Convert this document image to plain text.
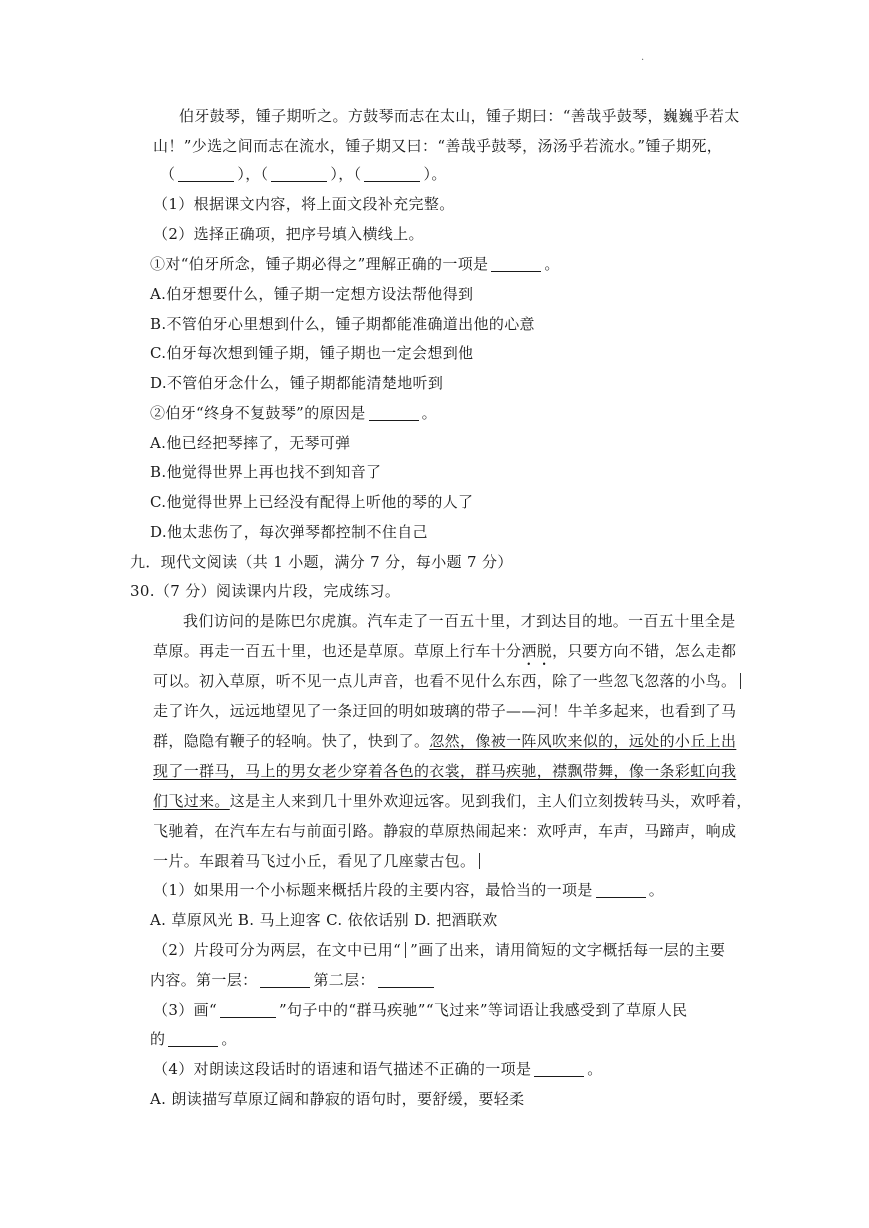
.
伯牙鼓琴，锺子期听之。方鼓琴而志在太山，锺子期曰：“善哉乎鼓琴，巍巍乎若太
山！”少选之间而志在流水，锺子期又曰：“善哉乎鼓琴，汤汤乎若流水。”锺子期死，
（	），（	），（	）。
（1）根据课文内容，将上面文段补充完整。
（2）选择正确项，把序号填入横线上。
①对“伯牙所念，锺子期必得之”理解正确的一项是	。
A.伯牙想要什么，锺子期一定想方设法帮他得到
B.不管伯牙心里想到什么，锺子期都能准确道出他的心意
C.伯牙每次想到锺子期，锺子期也一定会想到他
D.不管伯牙念什么，锺子期都能清楚地听到
②伯牙“终身不复鼓琴”的原因是	。
A.他已经把琴摔了，无琴可弹
B.他觉得世界上再也找不到知音了
C.他觉得世界上已经没有配得上听他的琴的人了
D.他太悲伤了，每次弹琴都控制不住自己
九．现代文阅读（共 1 小题，满分 7 分，每小题 7 分）
30.（7 分）阅读课内片段，完成练习。
我们访问的是陈巴尔虎旗。汽车走了一百五十里，才到达目的地。一百五十里全是
草原。再走一百五十里，也还是草原。草原上行车十分洒脱，只要方向不错，怎么走都
可以。初入草原，听不见一点儿声音，也看不见什么东西，除了一些忽飞忽落的小鸟。
走了许久，远远地望见了一条迂回的明如玻璃的带子——河！牛羊多起来，也看到了马
群，隐隐有鞭子的轻响。快了，快到了。忽然，像被一阵风吹来似的，远处的小丘上出
现了一群马，马上的男女老少穿着各色的衣裳，群马疾驰，襟飘带舞，像一条彩虹向我
们飞过来。这是主人来到几十里外欢迎远客。见到我们，主人们立刻拨转马头，欢呼着，
飞驰着，在汽车左右与前面引路。静寂的草原热闹起来：欢呼声，车声，马蹄声，响成
一片。车跟着马飞过小丘，看见了几座蒙古包。
（1）如果用一个小标题来概括片段的主要内容，最恰当的一项是	。
A. 草原风光 B. 马上迎客 C. 依依话别 D. 把酒联欢
（2）片段可分为两层，在文中已用“ ”画了出来，请用简短的文字概括每一层的主要
内容。第一层：	第二层：
（3）画“	”句子中的“群马疾驰”“飞过来”等词语让我感受到了草原人民
的	。
（4）对朗读这段话时的语速和语气描述不正确的一项是	。
A. 朗读描写草原辽阔和静寂的语句时，要舒缓，要轻柔
